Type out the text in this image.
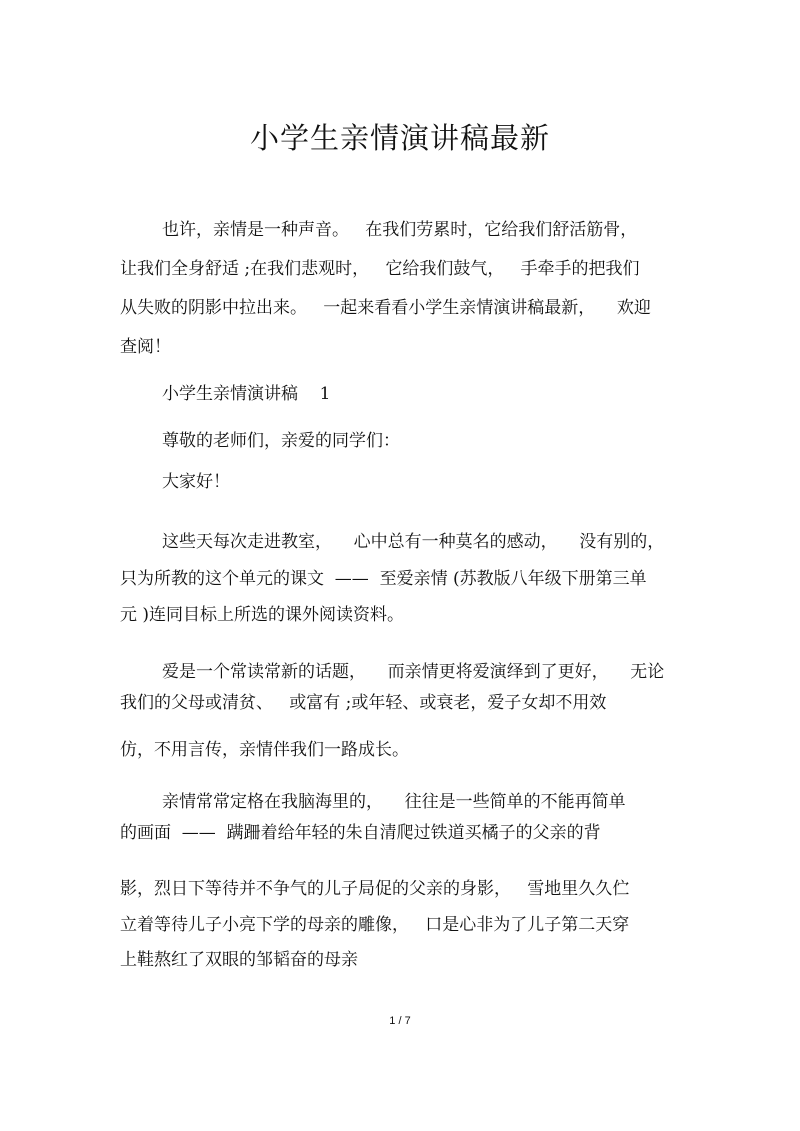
小学生亲情演讲稿最新
也许，亲情是一种声音。   在我们劳累时，它给我们舒活筋骨，
让我们全身舒适 ;在我们悲观时，   它给我们鼓气，   手牵手的把我们
从失败的阴影中拉出来。   一起来看看小学生亲情演讲稿最新，    欢迎
查阅！
小学生亲情演讲稿    1
尊敬的老师们，亲爱的同学们：
大家好！
这些天每次走进教室，    心中总有一种莫名的感动，    没有别的，
只为所教的这个单元的课文  ——  至爱亲情 (苏教版八年级下册第三单
元 )连同目标上所选的课外阅读资料。
爱是一个常读常新的话题，    而亲情更将爱演绎到了更好，    无论
我们的父母或清贫、   或富有 ;或年轻、或衰老，爱子女却不用效
仿，不用言传，亲情伴我们一路成长。
亲情常常定格在我脑海里的，    往往是一些简单的不能再简单
的画面  ——  蹒跚着给年轻的朱自清爬过铁道买橘子的父亲的背
影，烈日下等待并不争气的儿子局促的父亲的身影，   雪地里久久伫
立着等待儿子小亮下学的母亲的雕像，   口是心非为了儿子第二天穿
上鞋熬红了双眼的邹韬奋的母亲
1 / 7
